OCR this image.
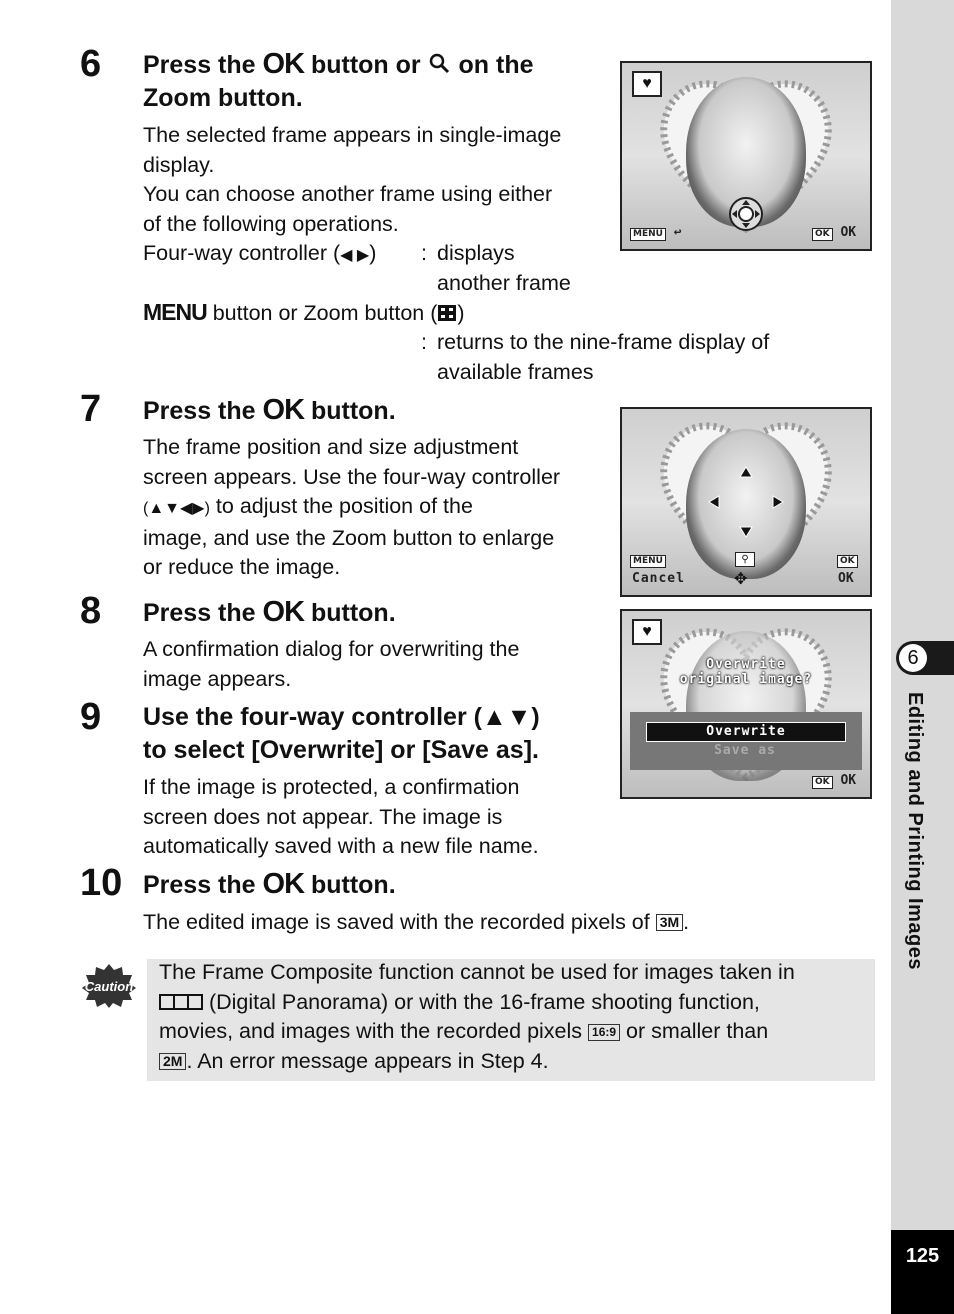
6
Editing and Printing Images
125
6 Press the OK button or  on the
Zoom button.
The selected frame appears in single-image
display.
You can choose another frame using either
of the following operations.
Four-way controller (◀ ▶) : displays
another frame
MENU button or Zoom button ( )
: returns to the nine-frame display of
available frames
♥
MENU ↩	OK OK
7 Press the OK button.
The frame position and size adjustment
screen appears. Use the four-way controller
(▲▼◀▶) to adjust the position of the
image, and use the Zoom button to enlarge
or reduce the image.	MENU
Cancel
⚲
✥
OK
OK
8 Press the OK button.
A confirmation dialog for overwriting the
image appears.
♥
Overwrite
original image?
Overwrite
Save as
OK OK
9 Use the four-way controller (▲▼)
to select [Overwrite] or [Save as].
If the image is protected, a confirmation
screen does not appear. The image is
automatically saved with a new file name.
10 Press the OK button.
The edited image is saved with the recorded pixels of 3M .
Caution
The Frame Composite function cannot be used for images taken in
(Digital Panorama) or with the 16-frame shooting function,
movies, and images with the recorded pixels 16:9 or smaller than
2M . An error message appears in Step 4.
